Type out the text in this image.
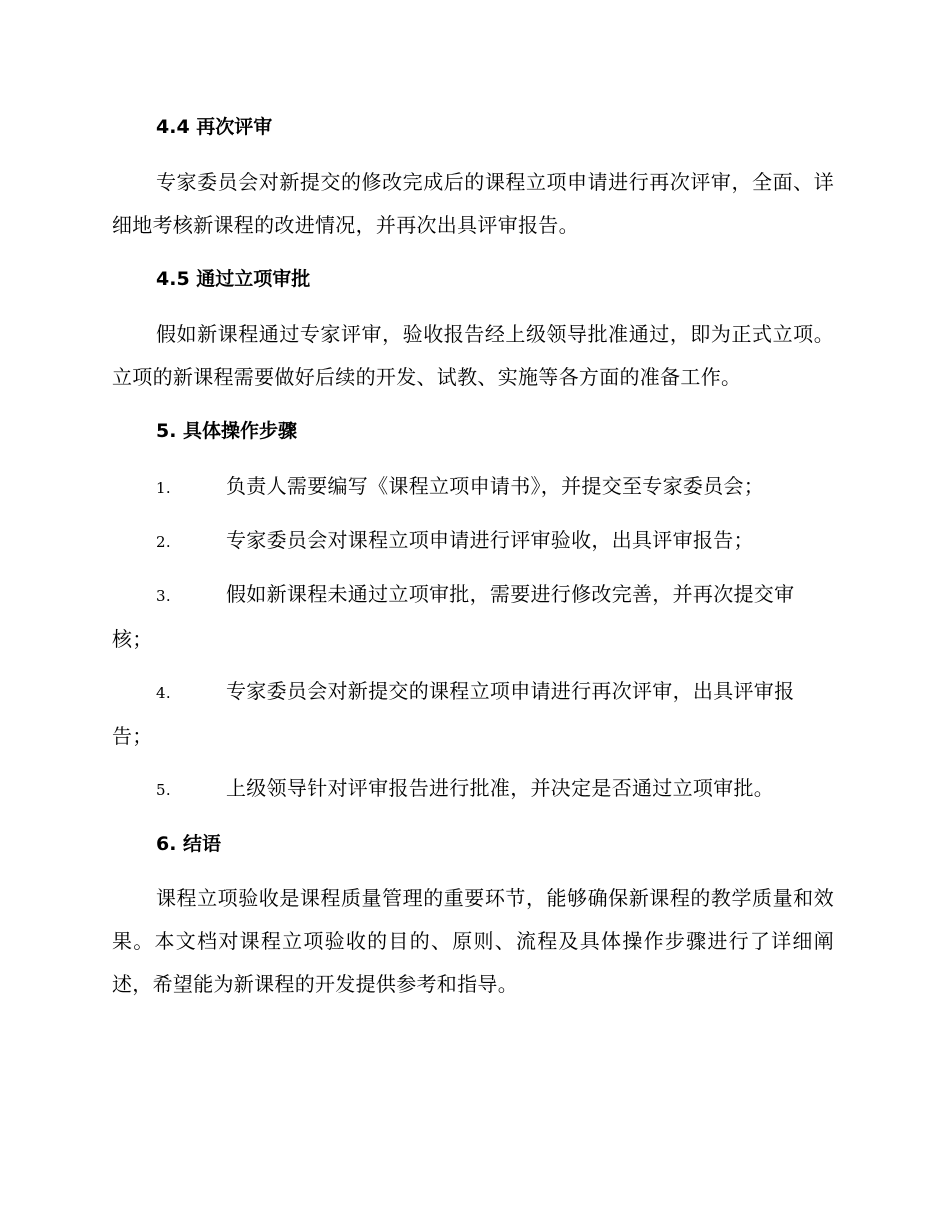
4.4 再次评审
专家委员会对新提交的修改完成后的课程立项申请进行再次评审，全面、详细地考核新课程的改进情况，并再次出具评审报告。
4.5 通过立项审批
假如新课程通过专家评审，验收报告经上级领导批准通过，即为正式立项。立项的新课程需要做好后续的开发、试教、实施等各方面的准备工作。
5. 具体操作步骤
1.	负责人需要编写《课程立项申请书》，并提交至专家委员会；
2.	专家委员会对课程立项申请进行评审验收，出具评审报告；
3.	假如新课程未通过立项审批，需要进行修改完善，并再次提交审核；
4.	专家委员会对新提交的课程立项申请进行再次评审，出具评审报告；
5.	上级领导针对评审报告进行批准，并决定是否通过立项审批。
6. 结语
课程立项验收是课程质量管理的重要环节，能够确保新课程的教学质量和效果。本文档对课程立项验收的目的、原则、流程及具体操作步骤进行了详细阐述，希望能为新课程的开发提供参考和指导。
